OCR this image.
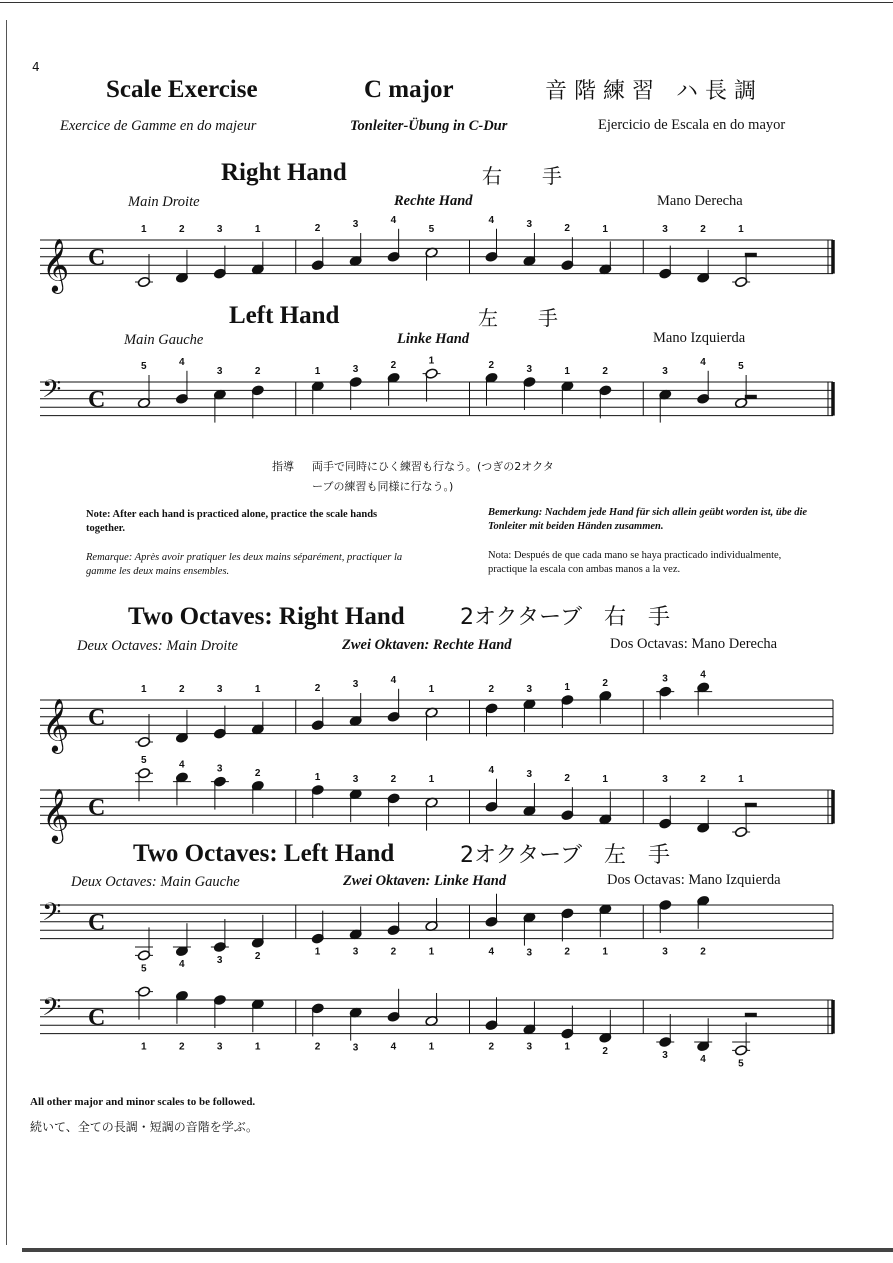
4
Scale Exercise	C major	音 階 練 習　ハ 長 調
Exercice de Gamme en do majeur	Tonleiter-Übung in C-Dur	Ejercicio de Escala en do mayor
Right Hand	右　　手
Main Droite	Rechte Hand	Mano Derecha
𝄞 C
1	2	3	1	2	3	4
5
4	3	2	1	3	2	1
Left Hand	左　　手
Main Gauche	Linke Hand	Mano Izquierda
𝄢 C
5	4
3	2	1	3	2	1	2	3	1	2	3
4	5
指導 両手で同時にひく練習も行なう。(つぎの2オクタ
ーブの練習も同様に行なう。)
Note: After each hand is practiced alone, practice the scale hands together.
Bemerkung: Nachdem jede Hand für sich allein geübt worden ist, übe die Tonleiter mit beiden Händen zusammen.
Remarque: Après avoir pratiquer les deux mains séparément, practiquer la gamme les deux mains ensembles.
Nota: Después de que cada mano se haya practicado individualmente, practique la escala con ambas manos a la vez.
Two Octaves: Right Hand	2オクターブ　右　手
Deux Octaves: Main Droite	Zwei Oktaven: Rechte Hand	Dos Octavas: Mano Derecha
𝄞 C
1	2	3	1	2	3	4
1	2	3	1	2	3	4
𝄞 C
5	4	3	2	1	3	2	1
4	3	2	1	3	2	1
Two Octaves: Left Hand	2オクターブ　左　手
Deux Octaves: Main Gauche	Zwei Oktaven: Linke Hand	Dos Octavas: Mano Izquierda
𝄢 C
5	4	3	2	1	3	2	1	4	3	2	1	3	2
𝄢 C
1	2	3	1	2	3	4	1	2	3	1	2	3	4	5
All other major and minor scales to be followed.
続いて、全ての長調・短調の音階を学ぶ。
